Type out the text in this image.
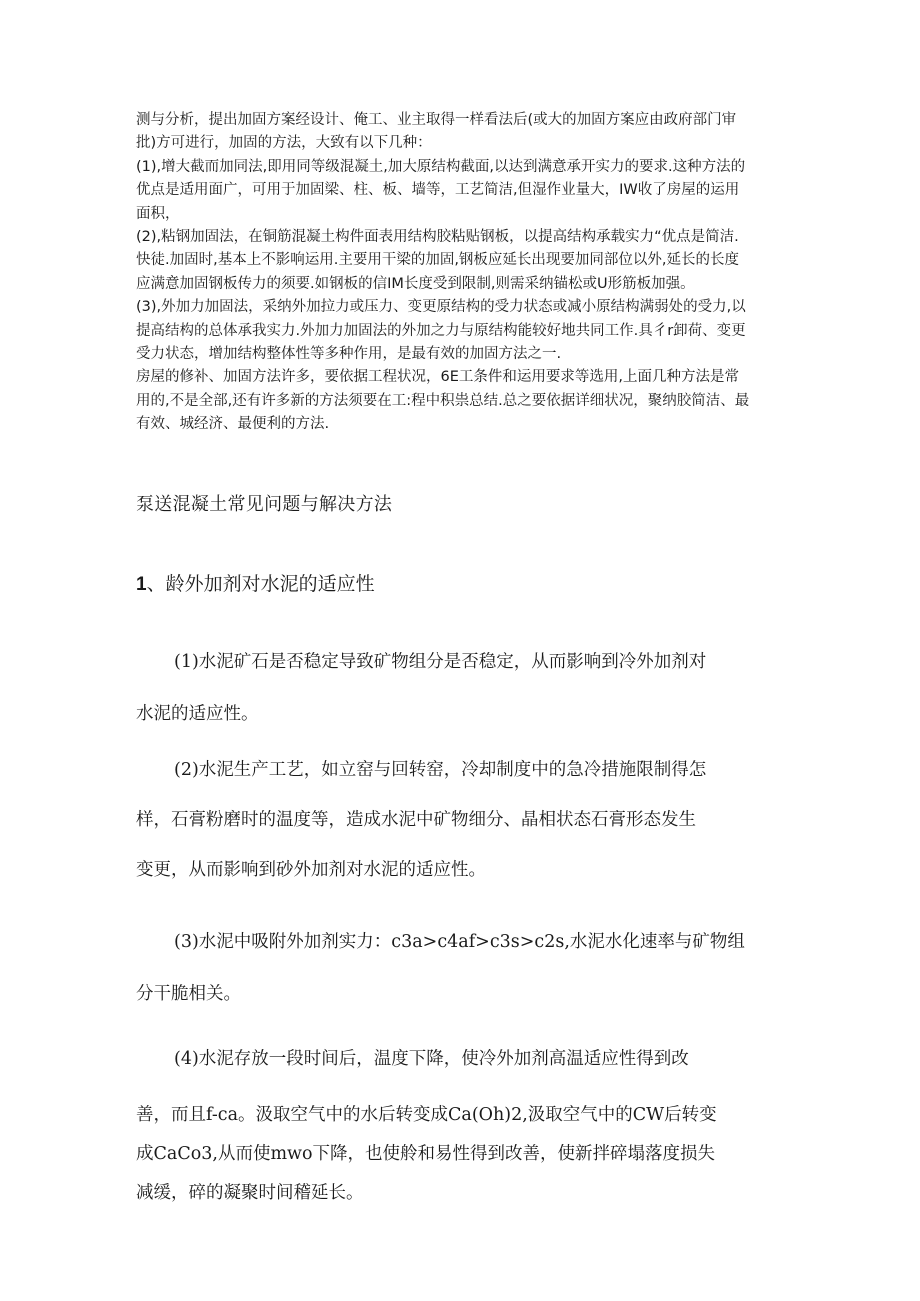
测与分析，提出加固方案经设计、俺工、业主取得一样看法后(或大的加固方案应由政府部门审

批)方可进行，加固的方法，大致有以下几种：

(1),增大截而加同法,即用同等级混凝土,加大原结构截面,以达到满意承开实力的要求.这种方法的

优点是适用面广，可用于加固梁、柱、板、墙等，工艺简洁,但湿作业量大，IW收了房屋的运用

面积，

(2),粘钢加固法，在铜筋混凝土构件面表用结构胶粘贴钢板，以提高结构承载实力“优点是简洁.

快徒.加固时,基本上不影响运用.主要用干梁的加固,钢板应延长出现要加同部位以外,延长的长度

应满意加固钢板传力的须要.如钢板的信IM长度受到限制,则需采纳锚松或U形筋板加强。

(3),外加力加固法，采纳外加拉力或压力、变更原结构的受力状态或减小原结构满弱处的受力,以

提高结构的总体承我实力.外加力加固法的外加之力与原结构能较好地共同工作.具彳r卸荷、变更

受力状态，增加结构整体性等多种作用，是最有效的加固方法之一.

房屋的修补、加固方法许多，要依据工程状况，6E工条件和运用要求等选用,上面几种方法是常

用的,不是全部,还有许多新的方法须要在工:程中积祟总结.总之要依据详细状况，聚纳胶简洁、最

有效、城经济、最便利的方法.

泵送混凝土常见问题与解决方法
1、龄外加剂对水泥的适应性
(1)水泥矿石是否稳定导致矿物组分是否稳定，从而影响到冷外加剂对
水泥的适应性。
(2)水泥生产工艺，如立窑与回转窑，冷却制度中的急冷措施限制得怎
样，石膏粉磨时的温度等，造成水泥中矿物细分、晶相状态石膏形态发生
变更，从而影响到砂外加剂对水泥的适应性。
(3)水泥中吸附外加剂实力：c3a>c4af>c3s>c2s,水泥水化速率与矿物组
分干脆相关。
(4)水泥存放一段时间后，温度下降，使冷外加剂高温适应性得到改
善，而且f-ca。汲取空气中的水后转变成Ca(Oh)2,汲取空气中的CW后转变
成CaCo3,从而使mwo下降，也使舲和易性得到改善，使新拌碎塌落度损失
减缓，碎的凝聚时间稽延长。
